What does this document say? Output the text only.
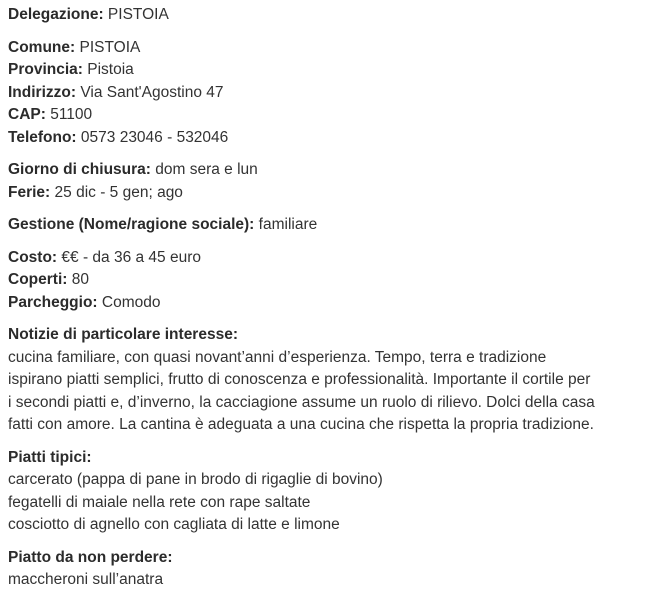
Delegazione: PISTOIA
Comune: PISTOIA
Provincia: Pistoia
Indirizzo: Via Sant'Agostino 47
CAP: 51100
Telefono: 0573 23046 - 532046
Giorno di chiusura: dom sera e lun
Ferie: 25 dic - 5 gen; ago
Gestione (Nome/ragione sociale): familiare
Costo: €€ - da 36 a 45 euro
Coperti: 80
Parcheggio: Comodo
Notizie di particolare interesse:
cucina familiare, con quasi novant’anni d’esperienza. Tempo, terra e tradizione
ispirano piatti semplici, frutto di conoscenza e professionalità. Importante il cortile per
i secondi piatti e, d’inverno, la cacciagione assume un ruolo di rilievo. Dolci della casa
fatti con amore. La cantina è adeguata a una cucina che rispetta la propria tradizione.
Piatti tipici:
carcerato (pappa di pane in brodo di rigaglie di bovino)
fegatelli di maiale nella rete con rape saltate
cosciotto di agnello con cagliata di latte e limone
Piatto da non perdere:
maccheroni sull’anatra
